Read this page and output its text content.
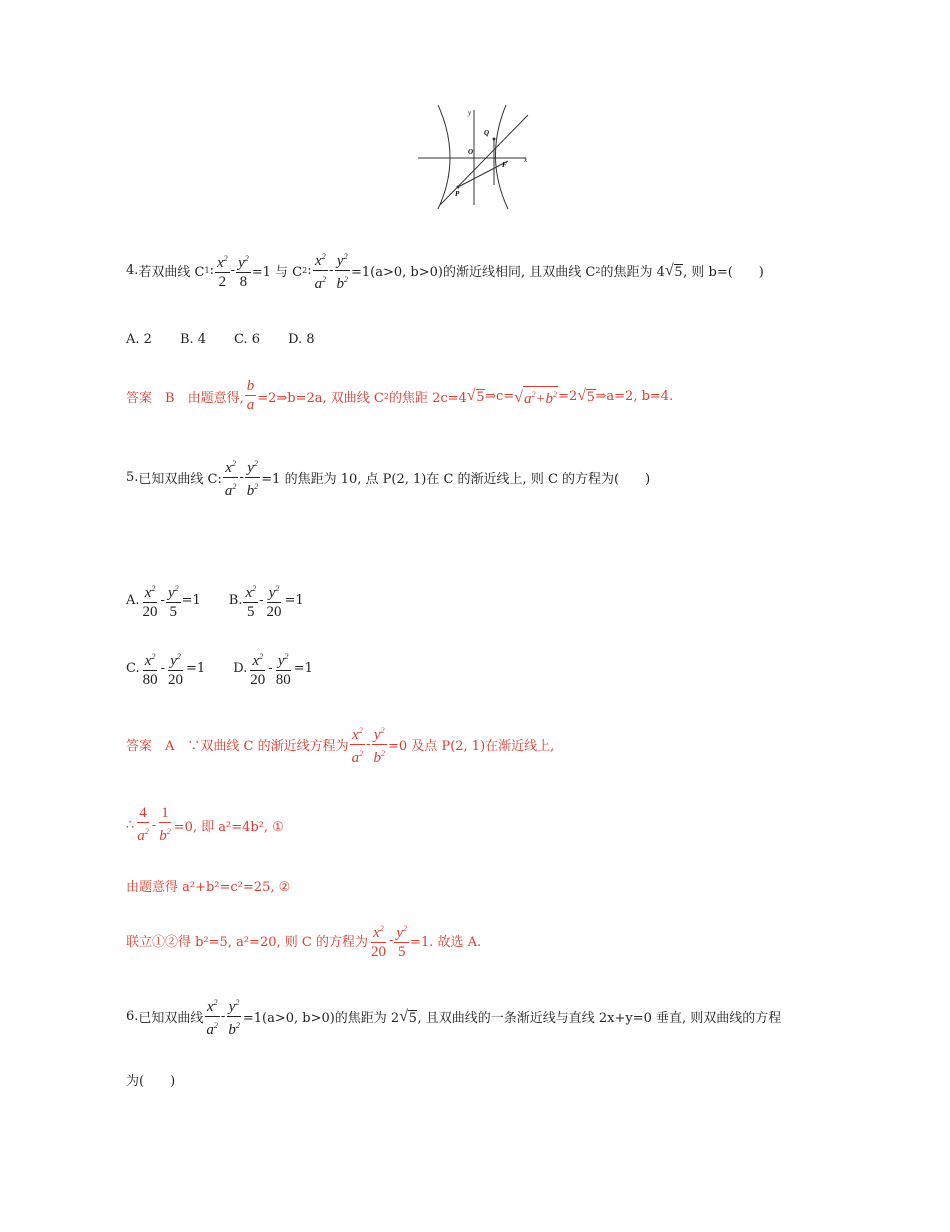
y
x
O
Q
F
P
4. 若双曲线 C 1 : $\frac{x^2}{2} - \frac{y^2}{8} =1$ 与 C 2 : $\frac{x^2}{a^2} - \frac{y^2}{b^2} =1(a>0$, b>0)的渐近线相同, 且双曲线 C 2 的焦距为 4 √ 5 , 则 b=(　　)
A. 2 B. 4 C. 6 D. 8
答案　B　 由题意得, $\frac{b}{a}$ =2⇒b=2a, 双曲线 C 2 的焦距 2c=4 √ 5 ⇒c= √ $a^2+b^2 =2$ √ 5 ⇒a=2, b=4.
5. 已知双曲线 C: $\frac{x^2}{a^2} - \frac{y^2}{b^2} =1$ 的焦距为 10, 点 P(2, 1)在 C 的渐近线上, 则 C 的方程为(　　)
A. $\frac{x^2}{20} - \frac{y^2}{5} =1$ B. $\frac{x^2}{5} - \frac{y^2}{20} =1$
C. $\frac{x^2}{80} - \frac{y^2}{20} =1$ D. $\frac{x^2}{20} - \frac{y^2}{80} =1$
答案　A　 ∵双曲线 C 的渐近线方程为 $\frac{x^2}{a^2} - \frac{y^2}{b^2} =0$ 及点 P(2, 1)在渐近线上,
∴ $\frac{4}{a^2} - \frac{1}{b^2} =0$, 即 a²=4b², ①
由题意得 a²+b²=c²=25, ②
联立①②得 b²=5, a²=20, 则 C 的方程为 $\frac{x^2}{20} - \frac{y^2}{5} =1$. 故选 A.
6. 已知双曲线 $\frac{x^2}{a^2} - \frac{y^2}{b^2} =1(a>0$, b>0)的焦距为 2 √ 5 , 且双曲线的一条渐近线与直线 2x+y=0 垂直, 则双曲线的方程
为(　　)
